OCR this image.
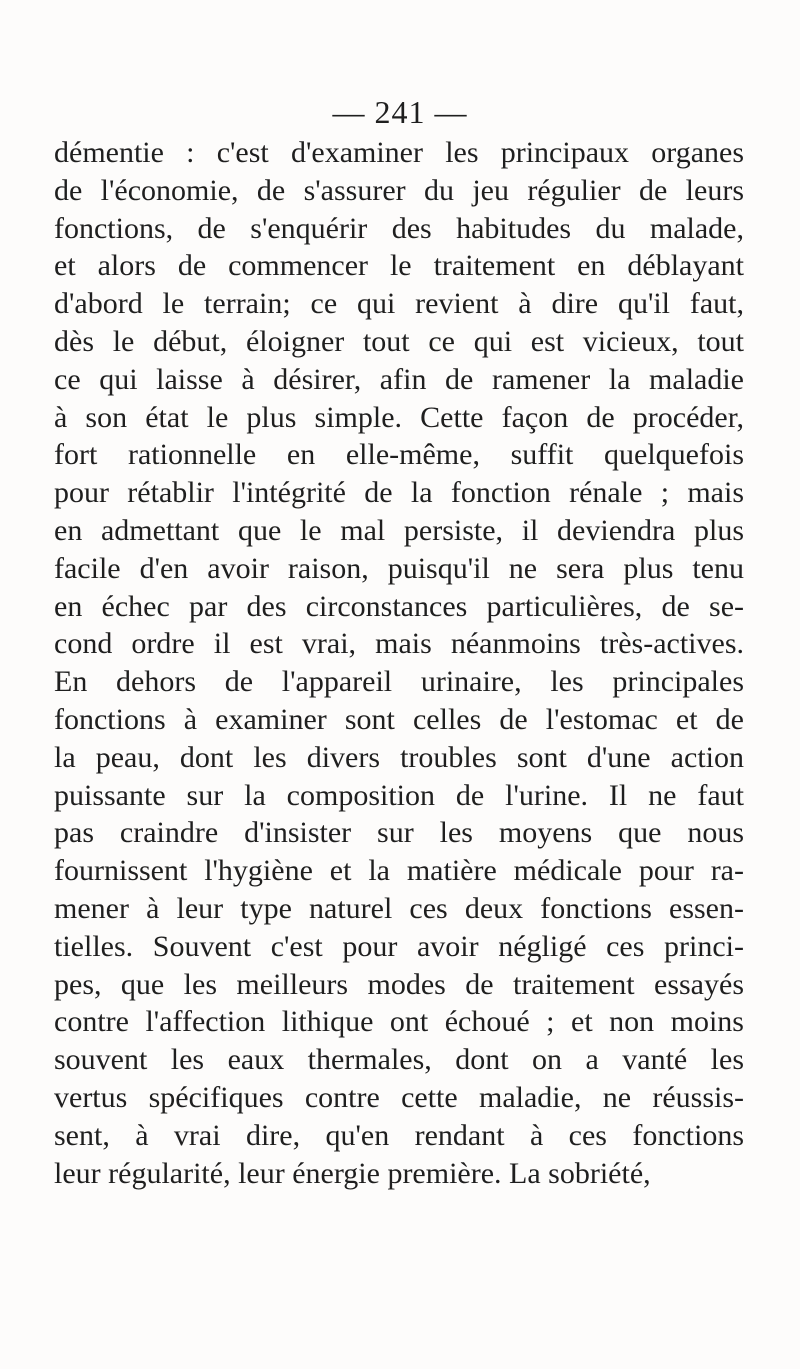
— 241 —
démentie : c'est d'examiner les principaux organes
de l'économie, de s'assurer du jeu régulier de leurs
fonctions, de s'enquérir des habitudes du malade,
et alors de commencer le traitement en déblayant
d'abord le terrain; ce qui revient à dire qu'il faut,
dès le début, éloigner tout ce qui est vicieux, tout
ce qui laisse à désirer, afin de ramener la maladie
à son état le plus simple. Cette façon de procéder,
fort rationnelle en elle-même, suffit quelquefois
pour rétablir l'intégrité de la fonction rénale ; mais
en admettant que le mal persiste, il deviendra plus
facile d'en avoir raison, puisqu'il ne sera plus tenu
en échec par des circonstances particulières, de se-
cond ordre il est vrai, mais néanmoins très-actives.
En dehors de l'appareil urinaire, les principales
fonctions à examiner sont celles de l'estomac et de
la peau, dont les divers troubles sont d'une action
puissante sur la composition de l'urine. Il ne faut
pas craindre d'insister sur les moyens que nous
fournissent l'hygiène et la matière médicale pour ra-
mener à leur type naturel ces deux fonctions essen-
tielles. Souvent c'est pour avoir négligé ces princi-
pes, que les meilleurs modes de traitement essayés
contre l'affection lithique ont échoué ; et non moins
souvent les eaux thermales, dont on a vanté les
vertus spécifiques contre cette maladie, ne réussis-
sent, à vrai dire, qu'en rendant à ces fonctions
leur régularité, leur énergie première. La sobriété,
